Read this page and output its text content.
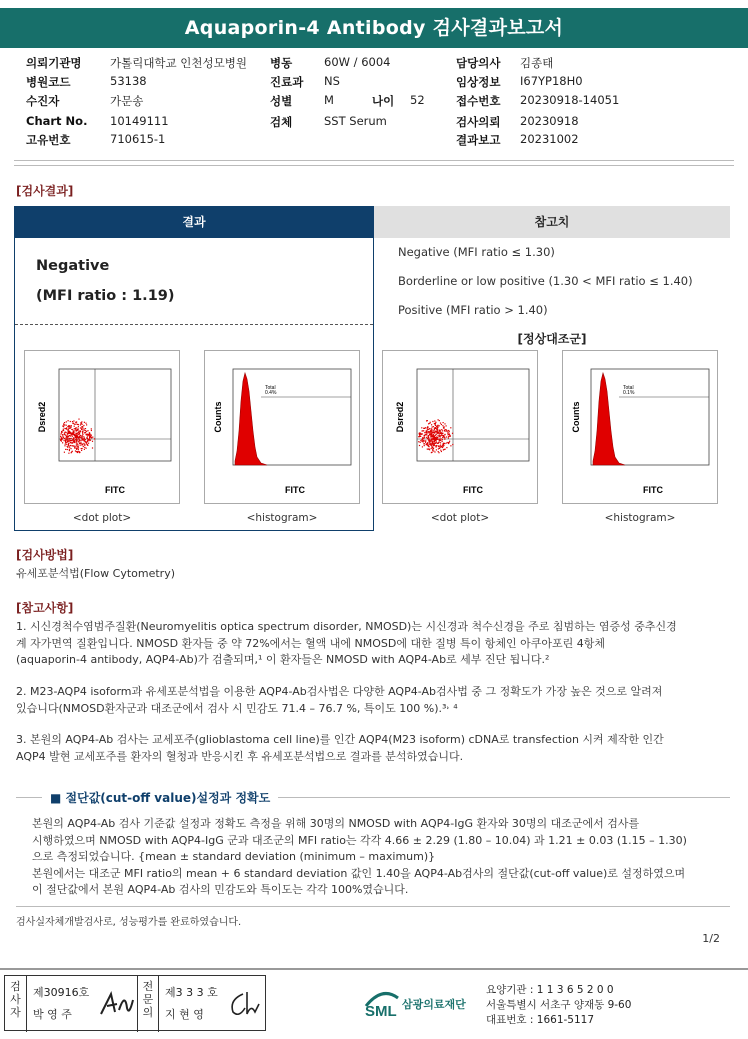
Aquaporin-4 Antibody 검사결과보고서
의뢰기관명 가톨릭대학교 인천성모병원 병동	60W / 6004	담당의사 김종태
병원코드	53138	진료과 NS	임상정보 I67YP18H0
수진자	가문송	성별	M	나이 52	접수번호 20230918-14051
Chart No. 10149111	검체	SST Serum	검사의뢰 20230918
고유번호	710615-1	결과보고 20231002
[검사결과]
결과	참고치
Negative
(MFI ratio : 1.19)
Negative (MFI ratio ≤ 1.30)
Borderline or low positive (1.30 < MFI ratio ≤ 1.40)
Positive (MFI ratio > 1.40)
[정상대조군]
FITC
Dsred2
<dot plot>
Total
0.4%
FITC
Counts
<histogram>
FITC
Dsred2
<dot plot>
Total
0.1%
FITC
Counts
<histogram>
[검사방법]
유세포분석법(Flow Cytometry)
[참고사항]
1. 시신경척수염범주질환(Neuromyelitis optica spectrum disorder, NMOSD)는 시신경과 척수신경을 주로 침범하는 염증성 중추신경
계 자가면역 질환입니다. NMOSD 환자들 중 약 72%에서는 혈액 내에 NMOSD에 대한 질병 특이 항체인 아쿠아포린 4항체
(aquaporin-4 antibody, AQP4-Ab)가 검출되며,¹ 이 환자들은 NMOSD with AQP4-Ab로 세부 진단 됩니다.²
2. M23-AQP4 isoform과 유세포분석법을 이용한 AQP4-Ab검사법은 다양한 AQP4-Ab검사법 중 그 정확도가 가장 높은 것으로 알려져
있습니다(NMOSD환자군과 대조군에서 검사 시 민감도 71.4 – 76.7 %, 특이도 100 %).³˒ ⁴
3. 본원의 AQP4-Ab 검사는 교세포주(glioblastoma cell line)를 인간 AQP4(M23 isoform) cDNA로 transfection 시켜 제작한 인간
AQP4 발현 교세포주를 환자의 혈청과 반응시킨 후 유세포분석법으로 결과를 분석하였습니다.
■ 절단값(cut-off value)설정과 정확도
본원의 AQP4-Ab 검사 기준값 설정과 정확도 측정을 위해 30명의 NMOSD with AQP4-IgG 환자와 30명의 대조군에서 검사를
시행하였으며 NMOSD with AQP4-IgG 군과 대조군의 MFI ratio는 각각 4.66 ± 2.29 (1.80 – 10.04) 과 1.21 ± 0.03 (1.15 – 1.30)
으로 측정되었습니다. {mean ± standard deviation (minimum – maximum)}
본원에서는 대조군 MFI ratio의 mean + 6 standard deviation 값인 1.40을 AQP4-Ab검사의 절단값(cut-off value)로 설정하였으며
이 절단값에서 본원 AQP4-Ab 검사의 민감도와 특이도는 각각 100%였습니다.
검사실자체개발검사로, 성능평가를 완료하였습니다.
1/2
검사자
제30916호
박 영 주
전문의
제3 3 3 호
지 현 영	SML 삼광의료재단
요양기관 : 1 1 3 6 5 2 0 0
서울특별시 서초구 양재동 9-60
대표번호 : 1661-5117
